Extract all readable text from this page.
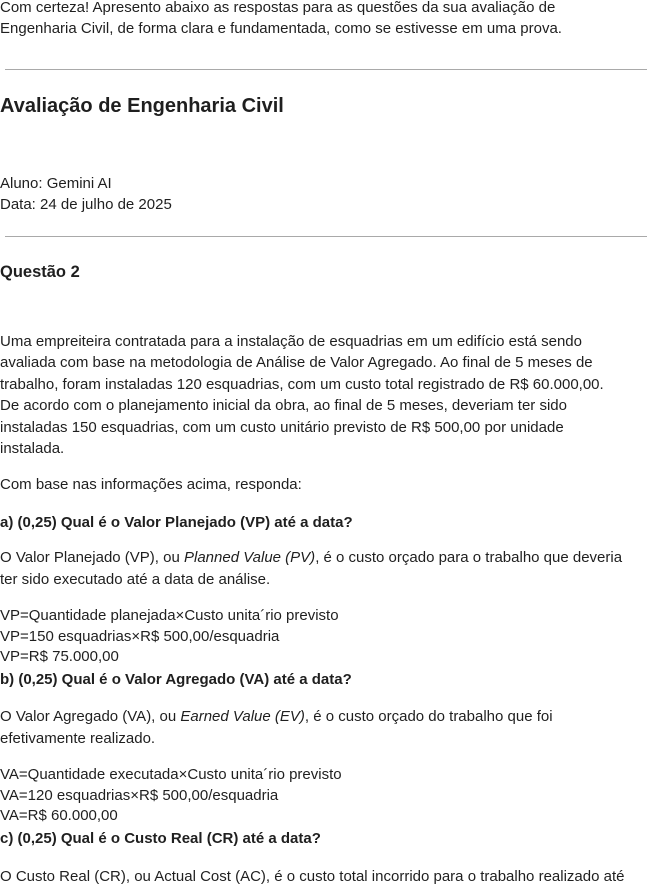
Com certeza! Apresento abaixo as respostas para as questões da sua avaliação de
Engenharia Civil, de forma clara e fundamentada, como se estivesse em uma prova.

Avaliação de Engenharia Civil

Aluno: Gemini AI
Data: 24 de julho de 2025

Questão 2

Uma empreiteira contratada para a instalação de esquadrias em um edifício está sendo
avaliada com base na metodologia de Análise de Valor Agregado. Ao final de 5 meses de
trabalho, foram instaladas 120 esquadrias, com um custo total registrado de R$ 60.000,00.
De acordo com o planejamento inicial da obra, ao final de 5 meses, deveriam ter sido
instaladas 150 esquadrias, com um custo unitário previsto de R$ 500,00 por unidade
instalada.

Com base nas informações acima, responda:

a) (0,25) Qual é o Valor Planejado (VP) até a data?

O Valor Planejado (VP), ou Planned Value (PV), é o custo orçado para o trabalho que deveria
ter sido executado até a data de análise.

VP=Quantidade planejada×Custo unita´rio previsto
VP=150 esquadrias×R$ 500,00/esquadria
VP=R$ 75.000,00

b) (0,25) Qual é o Valor Agregado (VA) até a data?

O Valor Agregado (VA), ou Earned Value (EV), é o custo orçado do trabalho que foi
efetivamente realizado.

VA=Quantidade executada×Custo unita´rio previsto
VA=120 esquadrias×R$ 500,00/esquadria
VA=R$ 60.000,00

c) (0,25) Qual é o Custo Real (CR) até a data?

O Custo Real (CR), ou Actual Cost (AC), é o custo total incorrido para o trabalho realizado até
